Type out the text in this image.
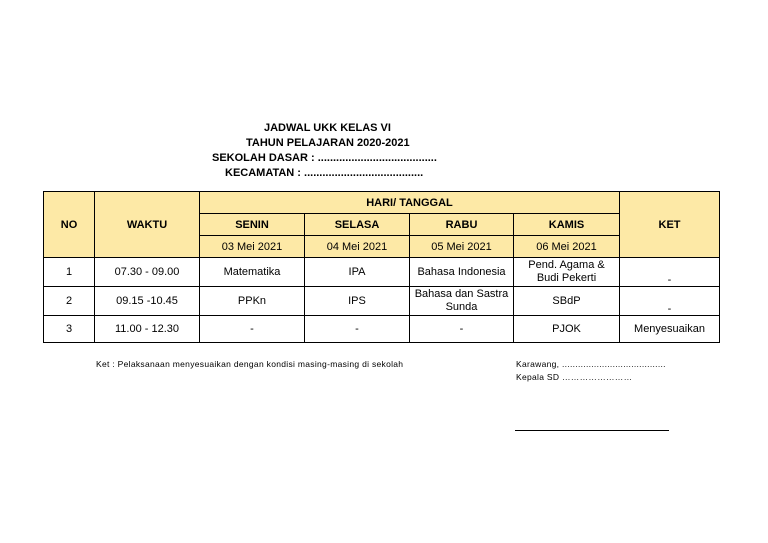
JADWAL UKK KELAS VI
TAHUN PELAJARAN 2020-2021
SEKOLAH DASAR : .......................................
KECAMATAN : .......................................
NO	WAKTU	HARI/ TANGGAL				KET
		SENIN	SELASA	RABU	KAMIS	
		03 Mei 2021	04 Mei 2021	05 Mei 2021	06 Mei 2021	
1	07.30 - 09.00	Matematika	IPA	Bahasa Indonesia	Pend. Agama &
Budi Pekerti	-
2	09.15 -10.45	PPKn	IPS	Bahasa dan Sastra
Sunda	SBdP	-
3	11.00 - 12.30	-	-	-	PJOK	Menyesuaikan
Ket : Pelaksanaan menyesuaikan dengan kondisi masing-masing di sekolah	Karawang, .......................................
Kepala SD ……………………
